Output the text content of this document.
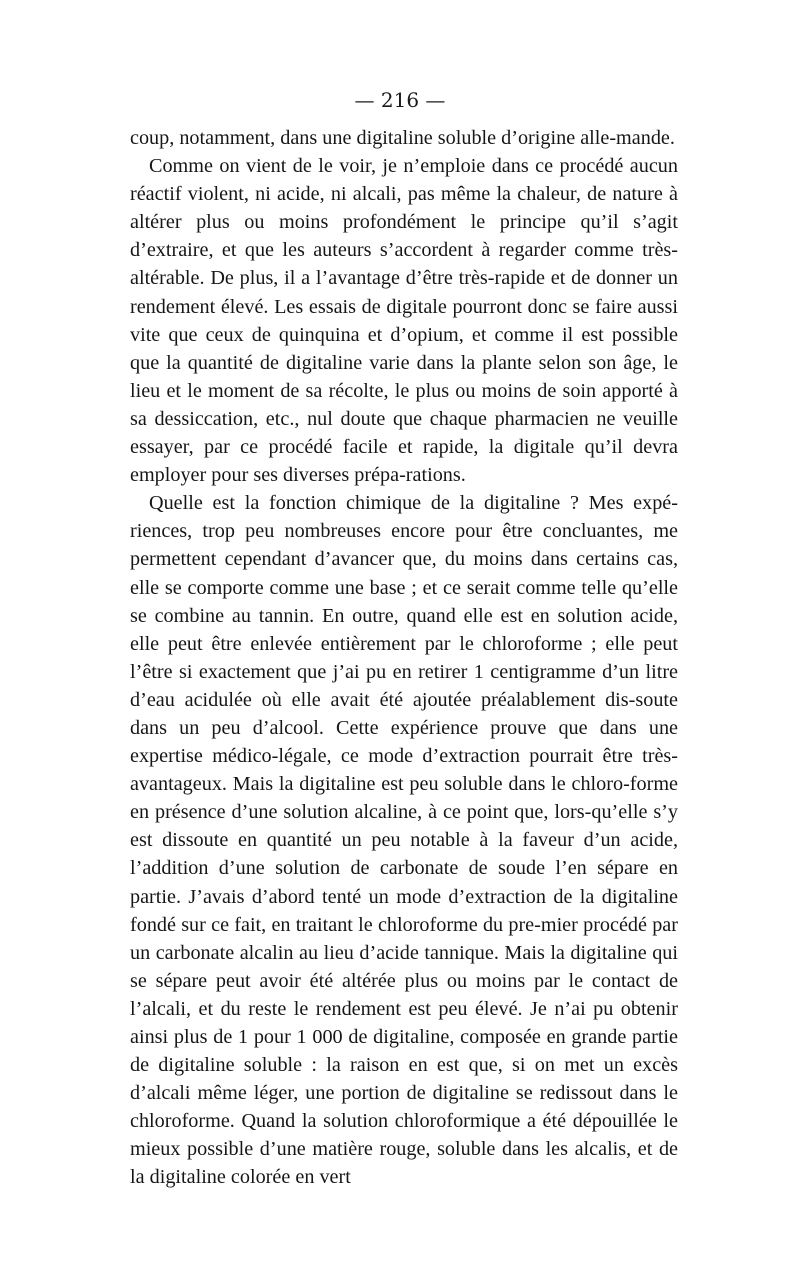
— 216 —

coup, notamment, dans une digitaline soluble d’origine alle-mande.

Comme on vient de le voir, je n’emploie dans ce procédé aucun réactif violent, ni acide, ni alcali, pas même la chaleur, de nature à altérer plus ou moins profondément le principe qu’il s’agit d’extraire, et que les auteurs s’accordent à regarder comme très-altérable. De plus, il a l’avantage d’être très-rapide et de donner un rendement élevé. Les essais de digitale pourront donc se faire aussi vite que ceux de quinquina et d’opium, et comme il est possible que la quantité de digitaline varie dans la plante selon son âge, le lieu et le moment de sa récolte, le plus ou moins de soin apporté à sa dessiccation, etc., nul doute que chaque pharmacien ne veuille essayer, par ce procédé facile et rapide, la digitale qu’il devra employer pour ses diverses prépa-rations.

Quelle est la fonction chimique de la digitaline ? Mes expé-riences, trop peu nombreuses encore pour être concluantes, me permettent cependant d’avancer que, du moins dans certains cas, elle se comporte comme une base ; et ce serait comme telle qu’elle se combine au tannin. En outre, quand elle est en solution acide, elle peut être enlevée entièrement par le chloroforme ; elle peut l’être si exactement que j’ai pu en retirer 1 centigramme d’un litre d’eau acidulée où elle avait été ajoutée préalablement dis-soute dans un peu d’alcool. Cette expérience prouve que dans une expertise médico-légale, ce mode d’extraction pourrait être très-avantageux. Mais la digitaline est peu soluble dans le chloro-forme en présence d’une solution alcaline, à ce point que, lors-qu’elle s’y est dissoute en quantité un peu notable à la faveur d’un acide, l’addition d’une solution de carbonate de soude l’en sépare en partie. J’avais d’abord tenté un mode d’extraction de la digitaline fondé sur ce fait, en traitant le chloroforme du pre-mier procédé par un carbonate alcalin au lieu d’acide tannique. Mais la digitaline qui se sépare peut avoir été altérée plus ou moins par le contact de l’alcali, et du reste le rendement est peu élevé. Je n’ai pu obtenir ainsi plus de 1 pour 1 000 de digitaline, composée en grande partie de digitaline soluble : la raison en est que, si on met un excès d’alcali même léger, une portion de digitaline se redissout dans le chloroforme. Quand la solution chloroformique a été dépouillée le mieux possible d’une matière rouge, soluble dans les alcalis, et de la digitaline colorée en vert
